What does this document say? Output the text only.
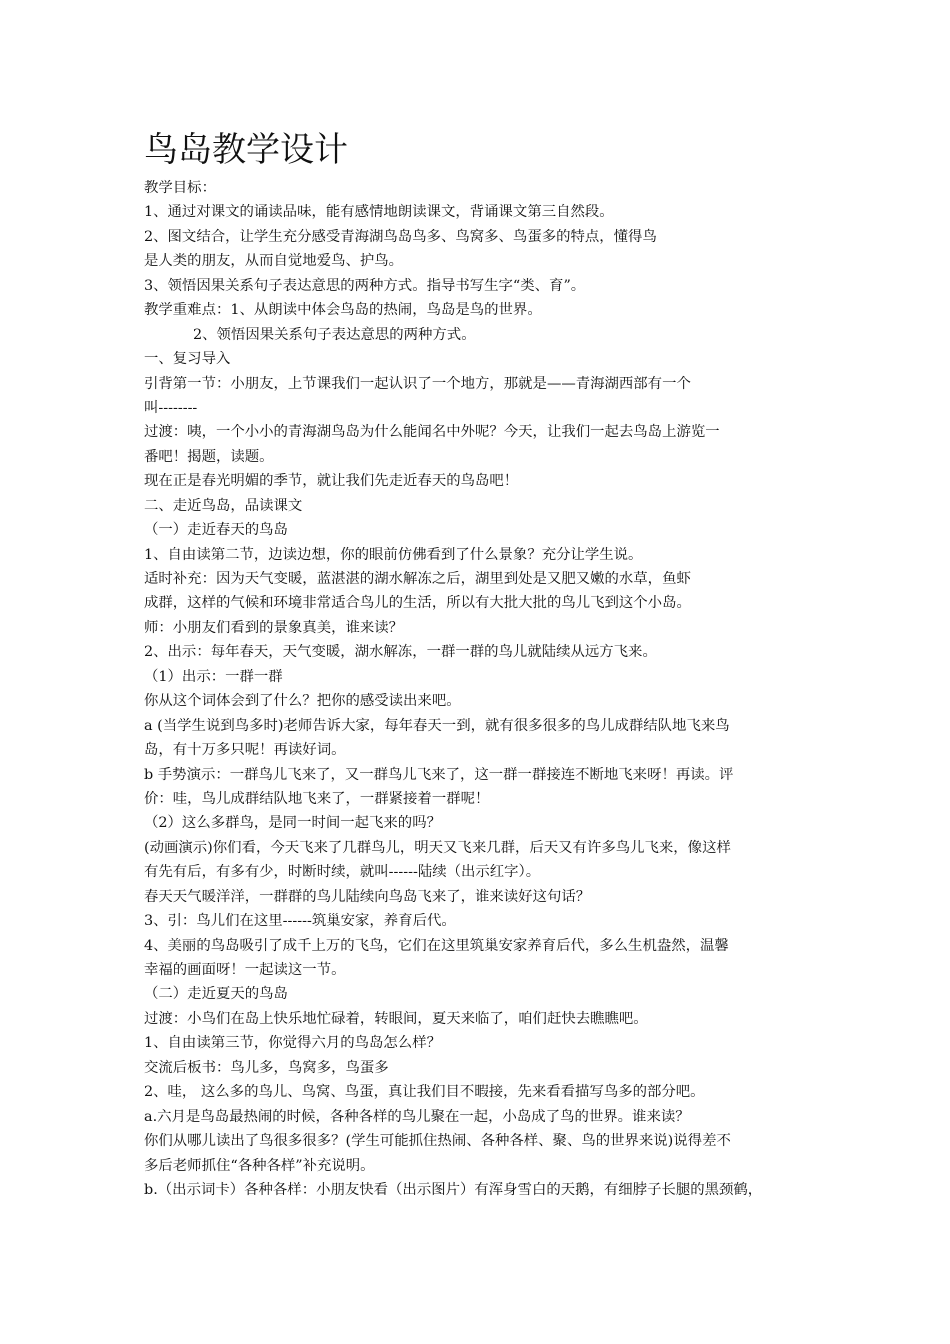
鸟岛教学设计
教学目标：
1、通过对课文的诵读品味，能有感情地朗读课文，背诵课文第三自然段。
2、图文结合，让学生充分感受青海湖鸟岛鸟多、鸟窝多、鸟蛋多的特点，懂得鸟
是人类的朋友，从而自觉地爱鸟、护鸟。
3、领悟因果关系句子表达意思的两种方式。指导书写生字“类、育”。
教学重难点：1、从朗读中体会鸟岛的热闹，鸟岛是鸟的世界。
2、领悟因果关系句子表达意思的两种方式。
一、复习导入
引背第一节：小朋友，上节课我们一起认识了一个地方，那就是——青海湖西部有一个
叫--------
过渡：咦，一个小小的青海湖鸟岛为什么能闻名中外呢？今天，让我们一起去鸟岛上游览一
番吧！揭题，读题。
现在正是春光明媚的季节，就让我们先走近春天的鸟岛吧！
二、走近鸟岛，品读课文
（一）走近春天的鸟岛
1、自由读第二节，边读边想，你的眼前仿佛看到了什么景象？充分让学生说。
适时补充：因为天气变暖，蓝湛湛的湖水解冻之后，湖里到处是又肥又嫩的水草，鱼虾
成群，这样的气候和环境非常适合鸟儿的生活，所以有大批大批的鸟儿飞到这个小岛。
师：小朋友们看到的景象真美，谁来读？
2、出示：每年春天，天气变暖，湖水解冻，一群一群的鸟儿就陆续从远方飞来。
（1）出示：一群一群
你从这个词体会到了什么？把你的感受读出来吧。
a (当学生说到鸟多时)老师告诉大家，每年春天一到，就有很多很多的鸟儿成群结队地飞来鸟
岛，有十万多只呢！再读好词。
b 手势演示：一群鸟儿飞来了，又一群鸟儿飞来了，这一群一群接连不断地飞来呀！再读。评
价：哇，鸟儿成群结队地飞来了，一群紧接着一群呢！
（2）这么多群鸟，是同一时间一起飞来的吗？
(动画演示)你们看，今天飞来了几群鸟儿，明天又飞来几群，后天又有许多鸟儿飞来，像这样
有先有后，有多有少，时断时续，就叫------陆续（出示红字）。
春天天气暖洋洋，一群群的鸟儿陆续向鸟岛飞来了，谁来读好这句话？
3、引：鸟儿们在这里------筑巢安家，养育后代。
4、美丽的鸟岛吸引了成千上万的飞鸟，它们在这里筑巢安家养育后代，多么生机盎然，温馨
幸福的画面呀！一起读这一节。
（二）走近夏天的鸟岛
过渡：小鸟们在岛上快乐地忙碌着，转眼间，夏天来临了，咱们赶快去瞧瞧吧。
1、自由读第三节，你觉得六月的鸟岛怎么样？
交流后板书：鸟儿多，鸟窝多，鸟蛋多
2、哇， 这么多的鸟儿、鸟窝、鸟蛋，真让我们目不暇接，先来看看描写鸟多的部分吧。
a.六月是鸟岛最热闹的时候，各种各样的鸟儿聚在一起，小岛成了鸟的世界。谁来读？
你们从哪儿读出了鸟很多很多？(学生可能抓住热闹、各种各样、聚、鸟的世界来说)说得差不
多后老师抓住“各种各样”补充说明。
b.（出示词卡）各种各样：小朋友快看（出示图片）有浑身雪白的天鹅，有细脖子长腿的黑颈鹤，
